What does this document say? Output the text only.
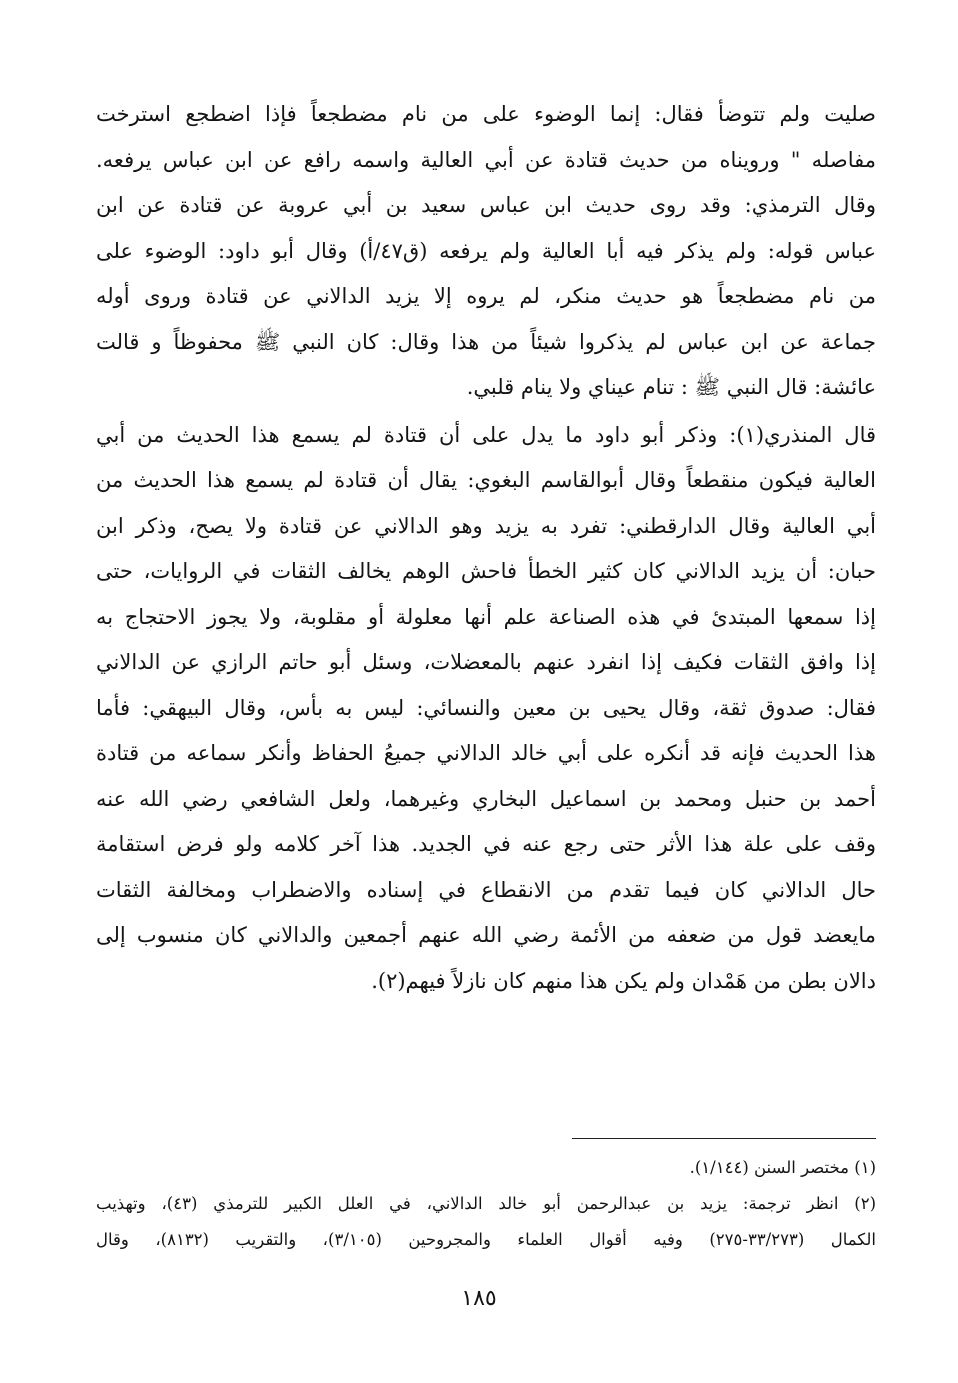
صليت ولم تتوضأ فقال: إنما الوضوء على من نام مضطجعاً فإذا اضطجع استرخت
مفاصله " ورويناه من حديث قتادة عن أبي العالية واسمه رافع عن ابن عباس يرفعه.
وقال الترمذي: وقد روى حديث ابن عباس سعيد بن أبي عروبة عن قتادة عن ابن
عباس قوله: ولم يذكر فيه أبا العالية ولم يرفعه (ق٤٧/أ) وقال أبو داود: الوضوء على
من نام مضطجعاً هو حديث منكر، لم يروه إلا يزيد الدالاني عن قتادة وروى أوله
جماعة عن ابن عباس لم يذكروا شيئاً من هذا وقال: كان النبي ﷺ محفوظاً و قالت
عائشة: قال النبي ﷺ : تنام عيناي ولا ينام قلبي.
قال المنذري(١): وذكر أبو داود ما يدل على أن قتادة لم يسمع هذا الحديث من أبي
العالية فيكون منقطعاً وقال أبوالقاسم البغوي: يقال أن قتادة لم يسمع هذا الحديث من
أبي العالية وقال الدارقطني: تفرد به يزيد وهو الدالاني عن قتادة ولا يصح، وذكر ابن
حبان: أن يزيد الدالاني كان كثير الخطأ فاحش الوهم يخالف الثقات في الروايات، حتى
إذا سمعها المبتدئ في هذه الصناعة علم أنها معلولة أو مقلوبة، ولا يجوز الاحتجاج به
إذا وافق الثقات فكيف إذا انفرد عنهم بالمعضلات، وسئل أبو حاتم الرازي عن الدالاني
فقال: صدوق ثقة، وقال يحيى بن معين والنسائي: ليس به بأس، وقال البيهقي: فأما
هذا الحديث فإنه قد أنكره على أبي خالد الدالاني جميعُ الحفاظ وأنكر سماعه من قتادة
أحمد بن حنبل ومحمد بن اسماعيل البخاري وغيرهما، ولعل الشافعي رضي الله عنه
وقف على علة هذا الأثر حتى رجع عنه في الجديد. هذا آخر كلامه ولو فرض استقامة
حال الدالاني كان فيما تقدم من الانقطاع في إسناده والاضطراب ومخالفة الثقات
مايعضد قول من ضعفه من الأئمة رضي الله عنهم أجمعين والدالاني كان منسوب إلى
دالان بطن من هَمْدان ولم يكن هذا منهم كان نازلاً فيهم(٢).
(١) مختصر السنن (١/١٤٤).
(٢) انظر ترجمة: يزيد بن عبدالرحمن أبو خالد الدالاني، في العلل الكبير للترمذي (٤٣)، وتهذيب
الكمال (٣٣/٢٧٣-٢٧٥) وفيه أقوال العلماء والمجروحين (٣/١٠٥)، والتقريب (٨١٣٢)، وقال
١٨٥
